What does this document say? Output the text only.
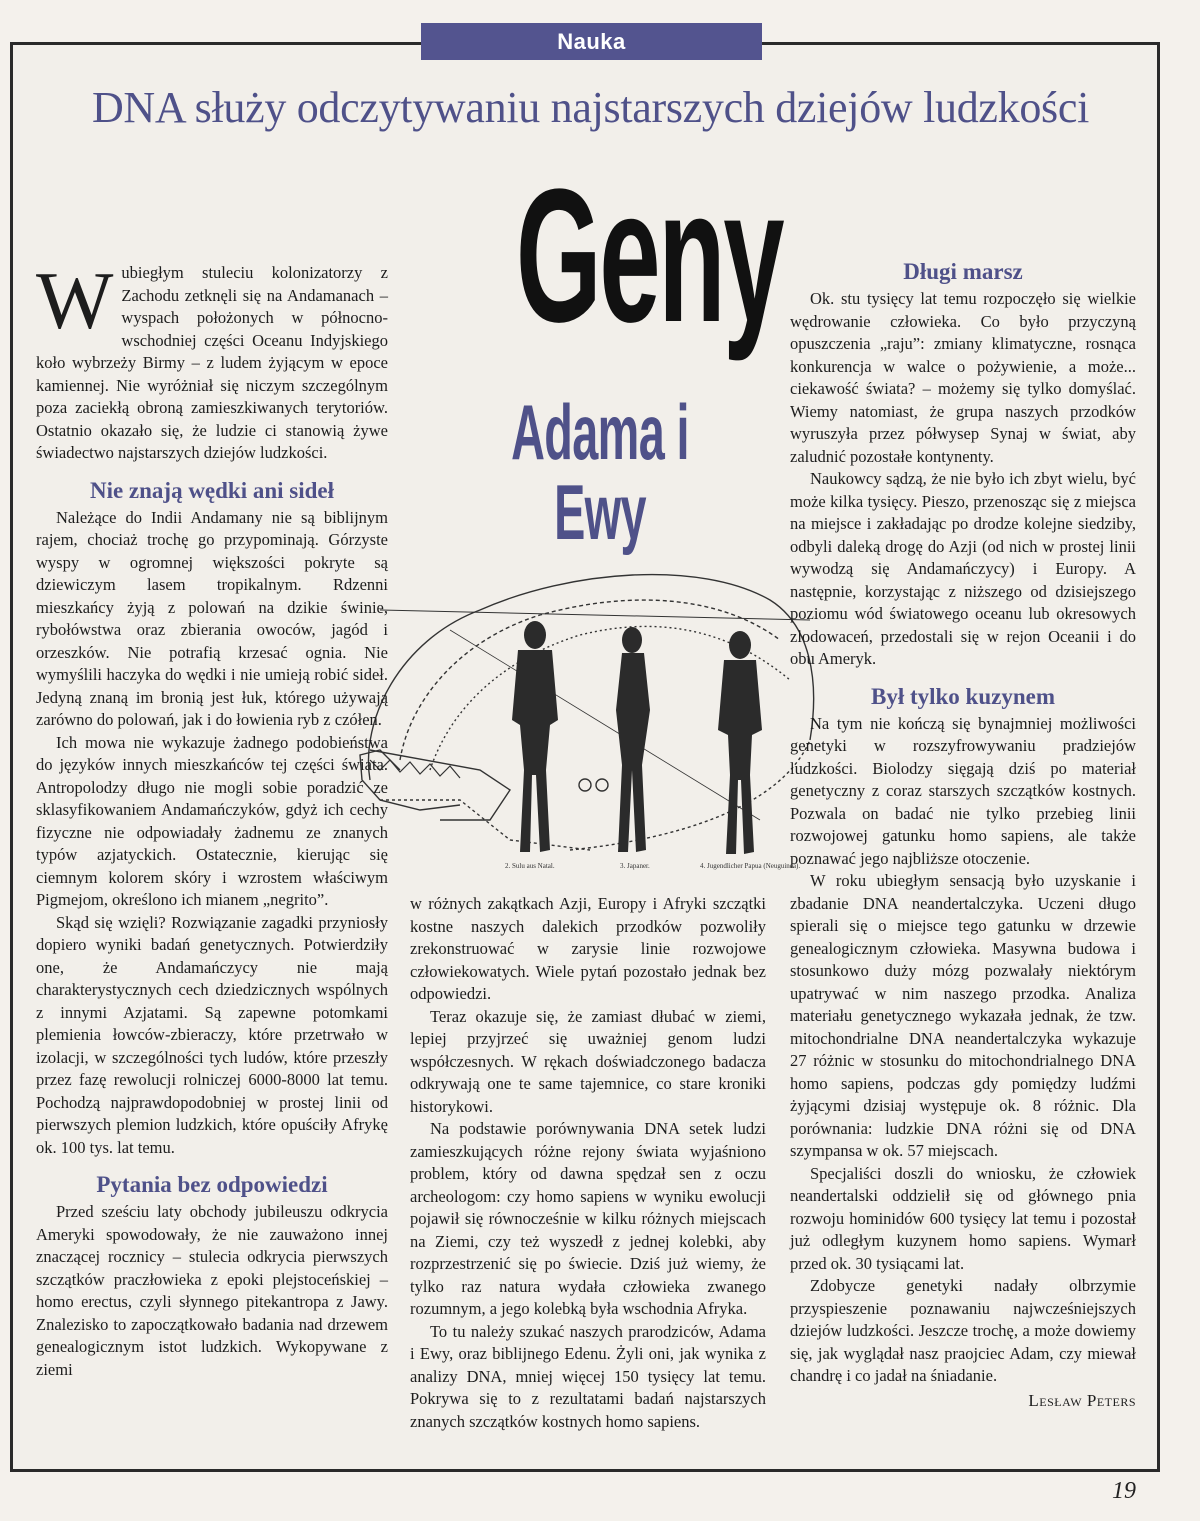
Nauka
DNA służy odczytywaniu najstarszych dziejów ludzkości
Geny
Adama i Ewy
2. Sulu aus Natal.	3. Japaner.	4. Jugendlicher Papua (Neuguinea).

Wubiegłym stuleciu kolonizatorzy z Zachodu zetknęli się na Andamanach – wyspach położonych w północno-wschodniej części Oceanu Indyjskiego koło wybrzeży Birmy – z ludem żyjącym w epoce kamiennej. Nie wyróżniał się niczym szczególnym poza zaciekłą obroną zamieszkiwanych terytoriów. Ostatnio okazało się, że ludzie ci stanowią żywe świadectwo najstarszych dziejów ludzkości.

Nie znają wędki ani sideł

Należące do Indii Andamany nie są biblijnym rajem, chociaż trochę go przypominają. Górzyste wyspy w ogromnej większości pokryte są dziewiczym lasem tropikalnym. Rdzenni mieszkańcy żyją z polowań na dzikie świnie, rybołówstwa oraz zbierania owoców, jagód i orzeszków. Nie potrafią krzesać ognia. Nie wymyślili haczyka do wędki i nie umieją robić sideł. Jedyną znaną im bronią jest łuk, którego używają zarówno do polowań, jak i do łowienia ryb z czółen.

Ich mowa nie wykazuje żadnego podobieństwa do języków innych mieszkańców tej części świata. Antropolodzy długo nie mogli sobie poradzić ze sklasyfikowaniem Andamańczyków, gdyż ich cechy fizyczne nie odpowiadały żadnemu ze znanych typów azjatyckich. Ostatecznie, kierując się ciemnym kolorem skóry i wzrostem właściwym Pigmejom, określono ich mianem „negrito”.

Skąd się wzięli? Rozwiązanie zagadki przyniosły dopiero wyniki badań genetycznych. Potwierdziły one, że Andamańczycy nie mają charakterystycznych cech dziedzicznych wspólnych z innymi Azjatami. Są zapewne potomkami plemienia łowców-zbieraczy, które przetrwało w izolacji, w szczególności tych ludów, które przeszły przez fazę rewolucji rolniczej 6000-8000 lat temu. Pochodzą najprawdopodobniej w prostej linii od pierwszych plemion ludzkich, które opuściły Afrykę ok. 100 tys. lat temu.

Pytania bez odpowiedzi

Przed sześciu laty obchody jubileuszu odkrycia Ameryki spowodowały, że nie zauważono innej znaczącej rocznicy – stulecia odkrycia pierwszych szczątków praczłowieka z epoki plejstoceńskiej – homo erectus, czyli słynnego pitekantropa z Jawy. Znalezisko to zapoczątkowało badania nad drzewem genealogicznym istot ludzkich. Wykopywane z ziemi

w różnych zakątkach Azji, Europy i Afryki szczątki kostne naszych dalekich przodków pozwoliły zrekonstruować w zarysie linie rozwojowe człowiekowatych. Wiele pytań pozostało jednak bez odpowiedzi.

Teraz okazuje się, że zamiast dłubać w ziemi, lepiej przyjrzeć się uważniej genom ludzi współczesnych. W rękach doświadczonego badacza odkrywają one te same tajemnice, co stare kroniki historykowi.

Na podstawie porównywania DNA setek ludzi zamieszkujących różne rejony świata wyjaśniono problem, który od dawna spędzał sen z oczu archeologom: czy homo sapiens w wyniku ewolucji pojawił się równocześnie w kilku różnych miejscach na Ziemi, czy też wyszedł z jednej kolebki, aby rozprzestrzenić się po świecie. Dziś już wiemy, że tylko raz natura wydała człowieka zwanego rozumnym, a jego kolebką była wschodnia Afryka.

To tu należy szukać naszych prarodziców, Adama i Ewy, oraz biblijnego Edenu. Żyli oni, jak wynika z analizy DNA, mniej więcej 150 tysięcy lat temu. Pokrywa się to z rezultatami badań najstarszych znanych szczątków kostnych homo sapiens.

Długi marsz

Ok. stu tysięcy lat temu rozpoczęło się wielkie wędrowanie człowieka. Co było przyczyną opuszczenia „raju”: zmiany klimatyczne, rosnąca konkurencja w walce o pożywienie, a może... ciekawość świata? – możemy się tylko domyślać. Wiemy natomiast, że grupa naszych przodków wyruszyła przez półwysep Synaj w świat, aby zaludnić pozostałe kontynenty.

Naukowcy sądzą, że nie było ich zbyt wielu, być może kilka tysięcy. Pieszo, przenosząc się z miejsca na miejsce i zakładając po drodze kolejne siedziby, odbyli daleką drogę do Azji (od nich w prostej linii wywodzą się Andamańczycy) i Europy. A następnie, korzystając z niższego od dzisiejszego poziomu wód światowego oceanu lub okresowych zlodowaceń, przedostali się w rejon Oceanii i do obu Ameryk.

Był tylko kuzynem

Na tym nie kończą się bynajmniej możliwości genetyki w rozszyfrowywaniu pradziejów ludzkości. Biolodzy sięgają dziś po materiał genetyczny z coraz starszych szczątków kostnych. Pozwala on badać nie tylko przebieg linii rozwojowej gatunku homo sapiens, ale także poznawać jego najbliższe otoczenie.

W roku ubiegłym sensacją było uzyskanie i zbadanie DNA neandertalczyka. Uczeni długo spierali się o miejsce tego gatunku w drzewie genealogicznym człowieka. Masywna budowa i stosunkowo duży mózg pozwalały niektórym upatrywać w nim naszego przodka. Analiza materiału genetycznego wykazała jednak, że tzw. mitochondrialne DNA neandertalczyka wykazuje 27 różnic w stosunku do mitochondrialnego DNA homo sapiens, podczas gdy pomiędzy ludźmi żyjącymi dzisiaj występuje ok. 8 różnic. Dla porównania: ludzkie DNA różni się od DNA szympansa w ok. 57 miejscach.

Specjaliści doszli do wniosku, że człowiek neandertalski oddzielił się od głównego pnia rozwoju hominidów 600 tysięcy lat temu i pozostał już odległym kuzynem homo sapiens. Wymarł przed ok. 30 tysiącami lat.

Zdobycze genetyki nadały olbrzymie przyspieszenie poznawaniu najwcześniejszych dziejów ludzkości. Jeszcze trochę, a może dowiemy się, jak wyglądał nasz praojciec Adam, czy miewał chandrę i co jadał na śniadanie.

Lesław Peters
19
